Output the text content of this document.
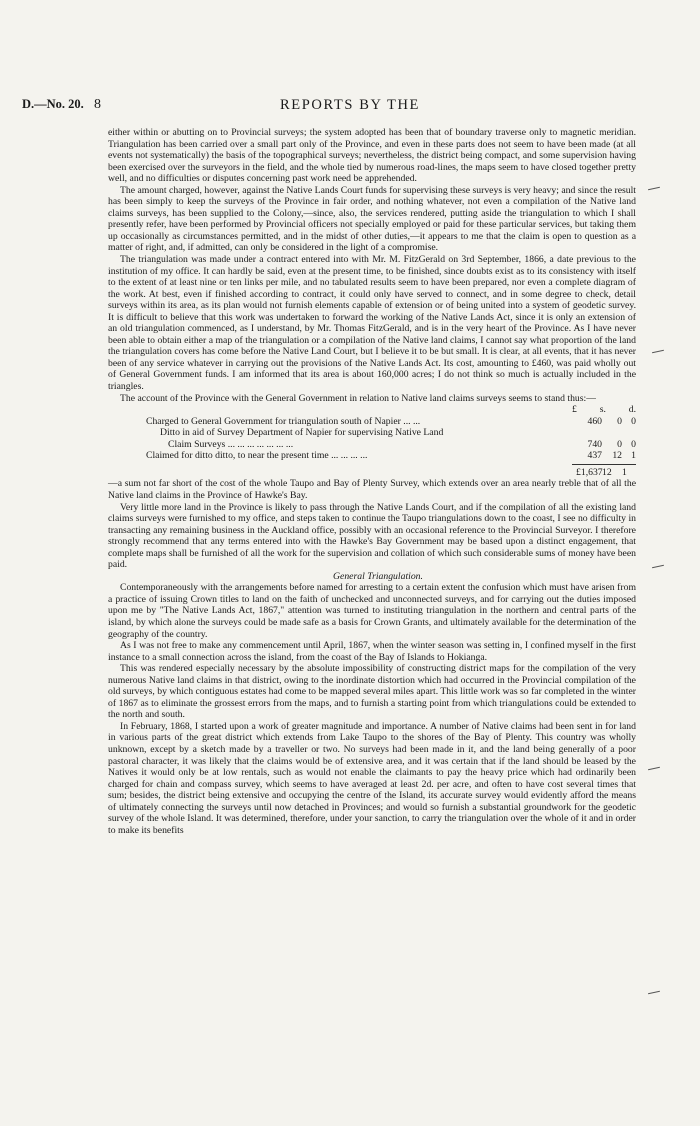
D.—No. 20. 8	REPORTS BY THE

either within or abutting on to Provincial surveys; the system adopted has been that of boundary traverse only to magnetic meridian. Triangulation has been carried over a small part only of the Province, and even in these parts does not seem to have been made (at all events not systematically) the basis of the topographical surveys; nevertheless, the district being compact, and some supervision having been exercised over the surveyors in the field, and the whole tied by numerous road-lines, the maps seem to have closed together pretty well, and no difficulties or disputes concerning past work need be apprehended.

The amount charged, however, against the Native Lands Court funds for supervising these surveys is very heavy; and since the result has been simply to keep the surveys of the Province in fair order, and nothing whatever, not even a compilation of the Native land claims surveys, has been supplied to the Colony,—since, also, the services rendered, putting aside the triangulation to which I shall presently refer, have been performed by Provincial officers not specially employed or paid for these particular services, but taking them up occasionally as circumstances permitted, and in the midst of other duties,—it appears to me that the claim is open to question as a matter of right, and, if admitted, can only be considered in the light of a compromise.

The triangulation was made under a contract entered into with Mr. M. FitzGerald on 3rd September, 1866, a date previous to the institution of my office. It can hardly be said, even at the present time, to be finished, since doubts exist as to its consistency with itself to the extent of at least nine or ten links per mile, and no tabulated results seem to have been prepared, nor even a complete diagram of the work. At best, even if finished according to contract, it could only have served to connect, and in some degree to check, detail surveys within its area, as its plan would not furnish elements capable of extension or of being united into a system of geodetic survey. It is difficult to believe that this work was undertaken to forward the working of the Native Lands Act, since it is only an extension of an old triangulation commenced, as I understand, by Mr. Thomas FitzGerald, and is in the very heart of the Province. As I have never been able to obtain either a map of the triangulation or a compilation of the Native land claims, I cannot say what proportion of the land the triangulation covers has come before the Native Land Court, but I believe it to be but small. It is clear, at all events, that it has never been of any service whatever in carrying out the provisions of the Native Lands Act. Its cost, amounting to £460, was paid wholly out of General Government funds. I am informed that its area is about 160,000 acres; I do not think so much is actually included in the triangles.

The account of the Province with the General Government in relation to Native land claims surveys seems to stand thus:—
£ s. d.
Charged to General Government for triangulation south of Napier ... ...	460	0 0
Ditto in aid of Survey Department of Napier for supervising Native Land
Claim Surveys ... ... ... ... ... ... ...	740	0 0
Claimed for ditto ditto, to near the present time ... ... ... ...	437	12 1
£1,637 12	1

—a sum not far short of the cost of the whole Taupo and Bay of Plenty Survey, which extends over an area nearly treble that of all the Native land claims in the Province of Hawke's Bay.

Very little more land in the Province is likely to pass through the Native Lands Court, and if the compilation of all the existing land claims surveys were furnished to my office, and steps taken to continue the Taupo triangulations down to the coast, I see no difficulty in transacting any remaining business in the Auckland office, possibly with an occasional reference to the Provincial Surveyor. I therefore strongly recommend that any terms entered into with the Hawke's Bay Government may be based upon a distinct engagement, that complete maps shall be furnished of all the work for the supervision and collation of which such considerable sums of money have been paid.

General Triangulation.

Contemporaneously with the arrangements before named for arresting to a certain extent the confusion which must have arisen from a practice of issuing Crown titles to land on the faith of unchecked and unconnected surveys, and for carrying out the duties imposed upon me by "The Native Lands Act, 1867," attention was turned to instituting triangulation in the northern and central parts of the island, by which alone the surveys could be made safe as a basis for Crown Grants, and ultimately available for the determination of the geography of the country.

As I was not free to make any commencement until April, 1867, when the winter season was setting in, I confined myself in the first instance to a small connection across the island, from the coast of the Bay of Islands to Hokianga.

This was rendered especially necessary by the absolute impossibility of constructing district maps for the compilation of the very numerous Native land claims in that district, owing to the inordinate distortion which had occurred in the Provincial compilation of the old surveys, by which contiguous estates had come to be mapped several miles apart. This little work was so far completed in the winter of 1867 as to eliminate the grossest errors from the maps, and to furnish a starting point from which triangulations could be extended to the north and south.

In February, 1868, I started upon a work of greater magnitude and importance. A number of Native claims had been sent in for land in various parts of the great district which extends from Lake Taupo to the shores of the Bay of Plenty. This country was wholly unknown, except by a sketch made by a traveller or two. No surveys had been made in it, and the land being generally of a poor pastoral character, it was likely that the claims would be of extensive area, and it was certain that if the land should be leased by the Natives it would only be at low rentals, such as would not enable the claimants to pay the heavy price which had ordinarily been charged for chain and compass survey, which seems to have averaged at least 2d. per acre, and often to have cost several times that sum; besides, the district being extensive and occupying the centre of the Island, its accurate survey would evidently afford the means of ultimately connecting the surveys until now detached in Provinces; and would so furnish a substantial groundwork for the geodetic survey of the whole Island. It was determined, therefore, under your sanction, to carry the triangulation over the whole of it and in order to make its benefits
